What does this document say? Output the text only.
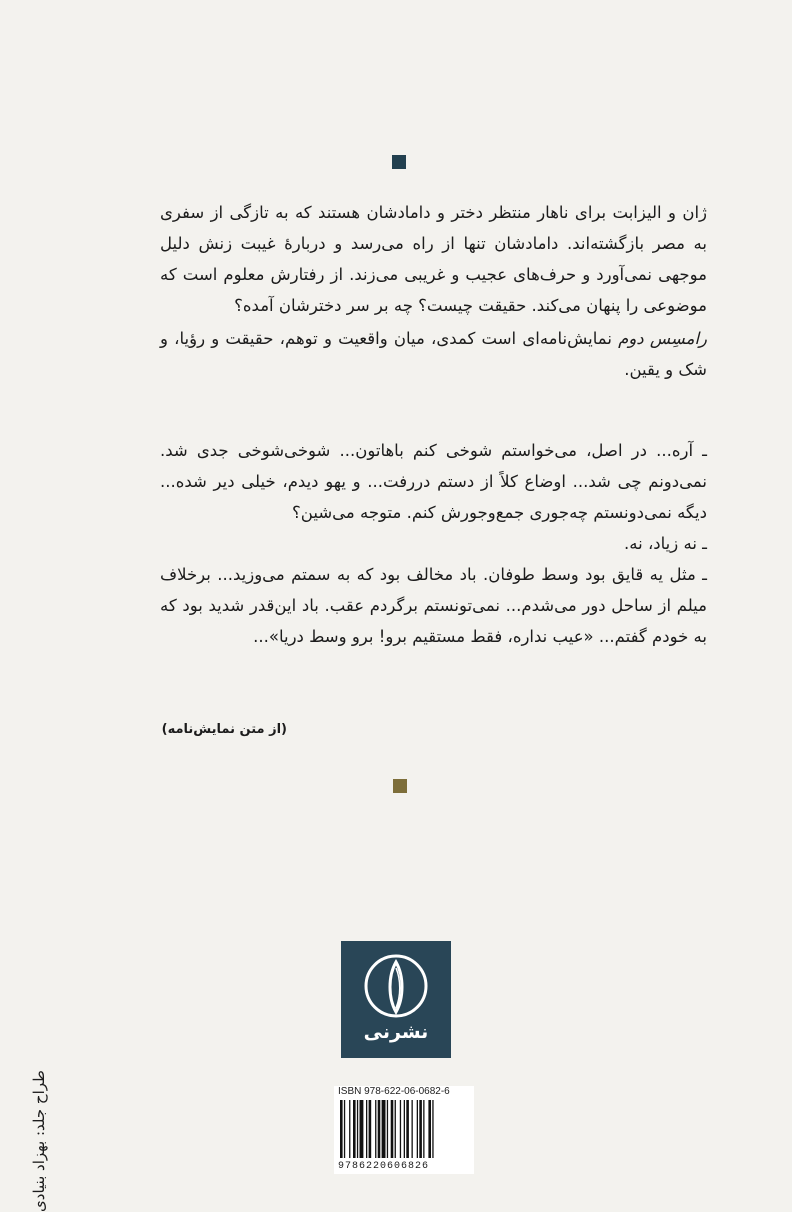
ژان و الیزابت برای ناهار منتظر دختر و دامادشان هستند که به تازگی از سفری به مصر بازگشته‌اند. دامادشان تنها از راه می‌رسد و دربارهٔ غیبت زنش دلیل موجهی نمی‌آورد و حرف‌های عجیب و غریبی می‌زند. از رفتارش معلوم است که موضوعی را پنهان می‌کند. حقیقت چیست؟ چه بر سر دخترشان آمده؟

رامسِس دوم نمایش‌نامه‌ای است کمدی، میان واقعیت و توهم، حقیقت و رؤیا، و شک و یقین.

ـ آره... در اصل، می‌خواستم شوخی کنم باهاتون... شوخی‌شوخی جدی شد. نمی‌دونم چی شد... اوضاع کلاً از دستم دررفت... و یهو دیدم، خیلی دیر شده... دیگه نمی‌دونستم چه‌جوری جمع‌وجورش کنم. متوجه می‌شین؟

ـ نه زیاد، نه.

ـ مثل یه قایق بود وسط طوفان. باد مخالف بود که به سمتم می‌وزید... برخلاف میلم از ساحل دور می‌شدم... نمی‌تونستم برگردم عقب. باد این‌قدر شدید بود که به خودم گفتم... «عیب نداره، فقط مستقیم برو! برو وسط دریا»...

(از متن نمایش‌نامه)
نشرنی
ISBN 978-622-06-0682-6
9786220606826
طراح جلد: بهزاد بنیادی
